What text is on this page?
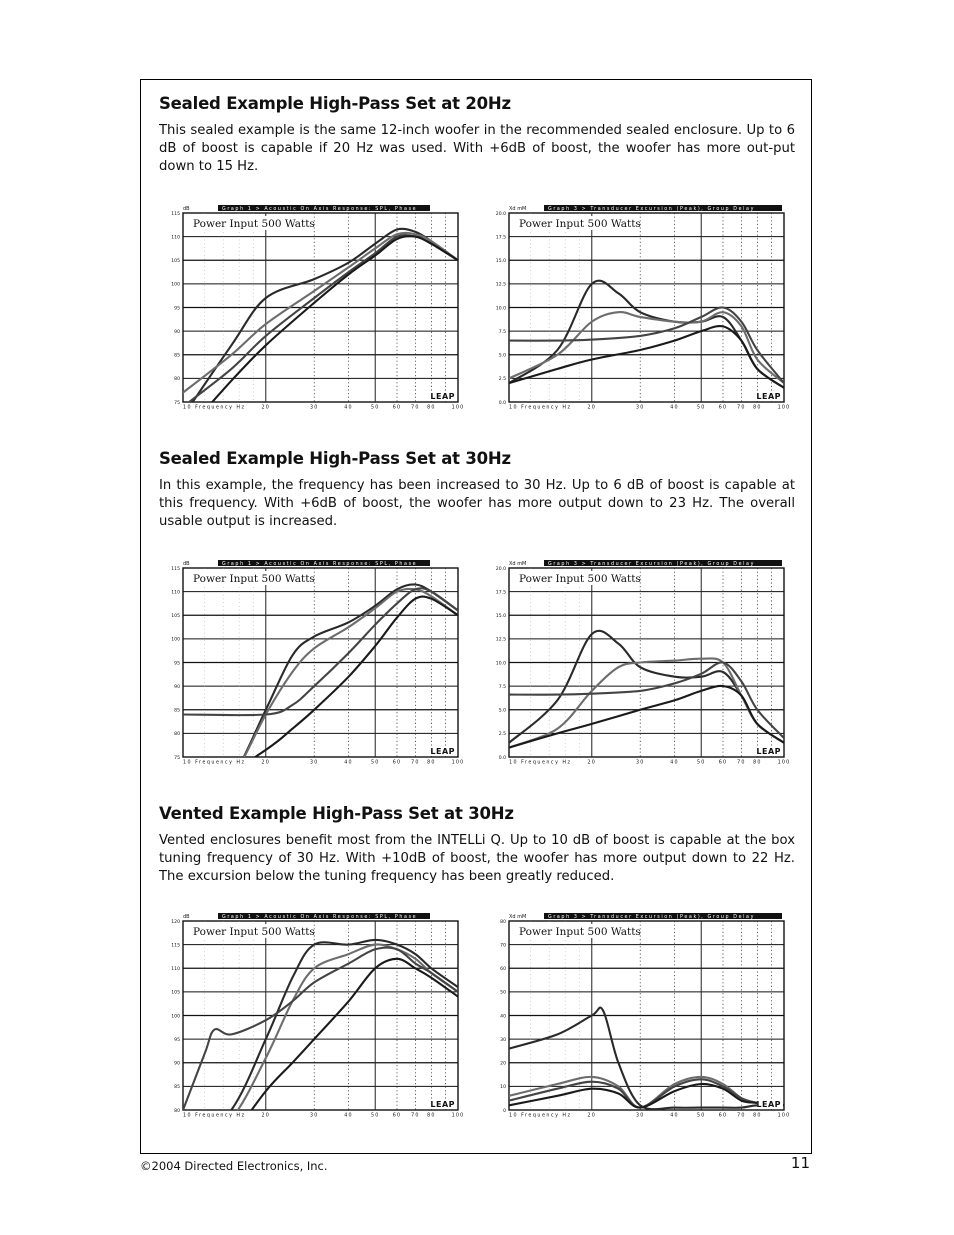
Sealed Example High-Pass Set at 20Hz

This sealed example is the same 12-inch woofer in the recommended sealed enclosure. Up to 6 dB of boost is capable if 20 Hz was used. With +6dB of boost, the woofer has more out-put down to 15 Hz.

Graph 1 > Acoustic On Axis Response: SPL, Phase
dB
115
110
105
100
95
90
85
80
75
10 Frequency Hz	20	30	40	50	60 70 80	100
Power Input 500 Watts
LEAP
Graph 3 > Transducer Excursion (Peak), Group Delay
Xd mM
20.0
17.5
15.0
12.5
10.0
7.5
5.0
2.5
0.0
10 Frequency Hz	20	30	40	50	60 70 80	100
Power Input 500 Watts
LEAP
Sealed Example High-Pass Set at 30Hz

In this example, the frequency has been increased to 30 Hz. Up to 6 dB of boost is capable at this frequency. With +6dB of boost, the woofer has more output down to 23 Hz. The overall usable output is increased.

Graph 1 > Acoustic On Axis Response: SPL, Phase
dB
115
110
105
100
95
90
85
80
75
10 Frequency Hz	20	30	40	50	60 70 80	100
Power Input 500 Watts
LEAP
Graph 3 > Transducer Excursion (Peak), Group Delay
Xd mM
20.0
17.5
15.0
12.5
10.0
7.5
5.0
2.5
0.0
10 Frequency Hz	20	30	40	50	60 70 80	100
Power Input 500 Watts
LEAP
Vented Example High-Pass Set at 30Hz

Vented enclosures benefit most from the INTELLi Q. Up to 10 dB of boost is capable at the box tuning frequency of 30 Hz. With +10dB of boost, the woofer has more output down to 22 Hz. The excursion below the tuning frequency has been greatly reduced.

Graph 1 > Acoustic On Axis Response: SPL, Phase
dB
120
115
110
105
100
95
90
85
80
10 Frequency Hz	20	30	40	50	60 70 80	100
Power Input 500 Watts
LEAP
Graph 3 > Transducer Excursion (Peak), Group Delay
Xd mM
80
70
60
50
40
30
20
10
0
10 Frequency Hz	20	30	40	50	60 70 80	100
Power Input 500 Watts
LEAP
©2004 Directed Electronics, Inc.	11
